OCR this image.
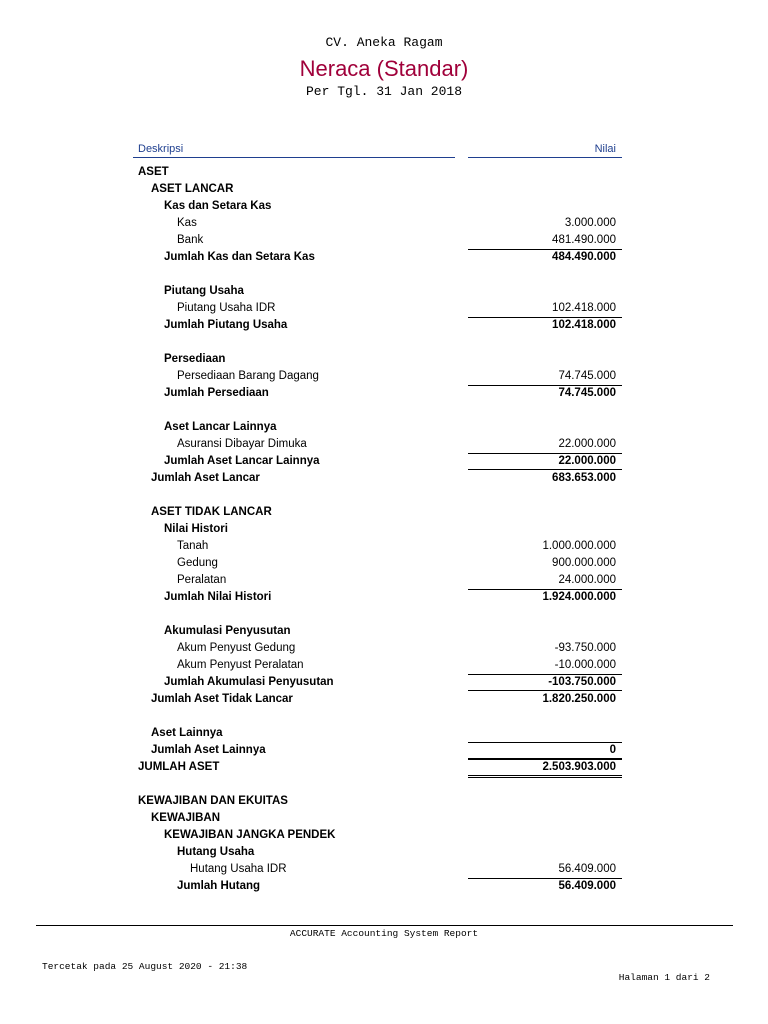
CV. Aneka Ragam
Neraca (Standar)
Per Tgl. 31 Jan 2018
Deskripsi	Nilai
ASET
ASET LANCAR
Kas dan Setara Kas
Kas	3.000.000
Bank	481.490.000
Jumlah Kas dan Setara Kas	484.490.000
Piutang Usaha
Piutang Usaha IDR	102.418.000
Jumlah Piutang Usaha	102.418.000
Persediaan
Persediaan Barang Dagang	74.745.000
Jumlah Persediaan	74.745.000
Aset Lancar Lainnya
Asuransi Dibayar Dimuka	22.000.000
Jumlah Aset Lancar Lainnya	22.000.000
Jumlah Aset Lancar	683.653.000
ASET TIDAK LANCAR
Nilai Histori
Tanah	1.000.000.000
Gedung	900.000.000
Peralatan	24.000.000
Jumlah Nilai Histori	1.924.000.000
Akumulasi Penyusutan
Akum Penyust Gedung	-93.750.000
Akum Penyust Peralatan	-10.000.000
Jumlah Akumulasi Penyusutan	-103.750.000
Jumlah Aset Tidak Lancar	1.820.250.000
Aset Lainnya
Jumlah Aset Lainnya	0
JUMLAH ASET	2.503.903.000
KEWAJIBAN DAN EKUITAS
KEWAJIBAN
KEWAJIBAN JANGKA PENDEK
Hutang Usaha
Hutang Usaha IDR	56.409.000
Jumlah Hutang	56.409.000
ACCURATE Accounting System Report
Tercetak pada 25 August 2020 - 21:38
Halaman 1 dari 2
